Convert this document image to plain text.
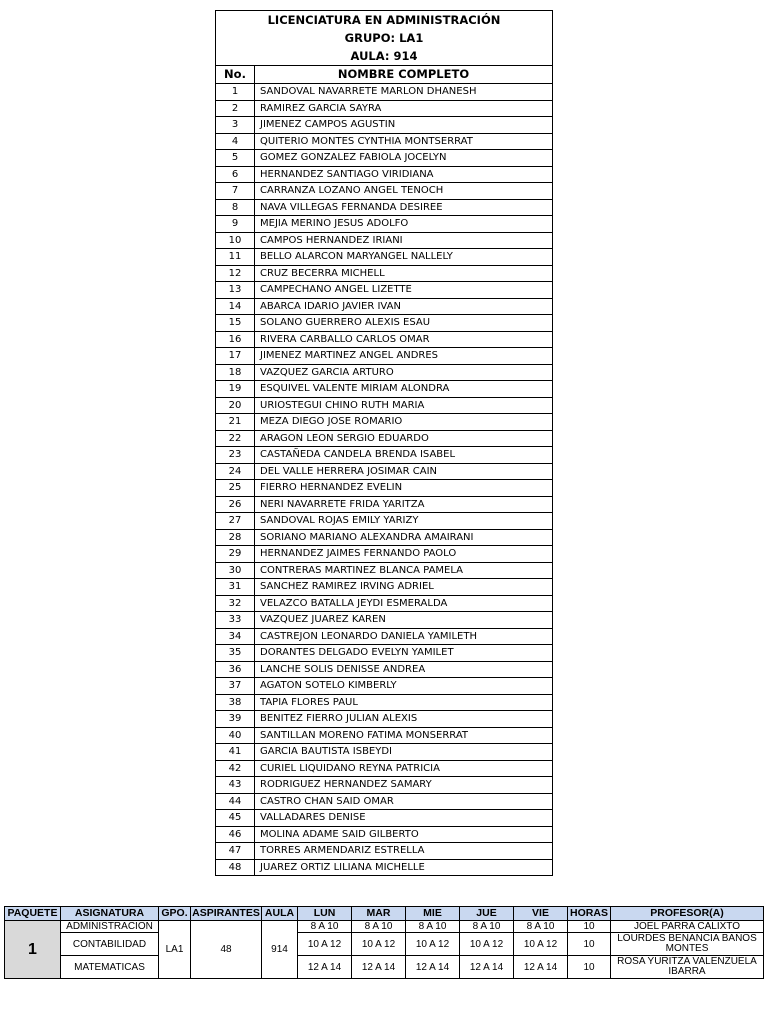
LICENCIATURA EN ADMINISTRACIÓN	
GRUPO: LA1	
AULA: 914	
No.	NOMBRE COMPLETO
1	SANDOVAL NAVARRETE MARLON DHANESH
2	RAMIREZ GARCIA SAYRA
3	JIMENEZ CAMPOS AGUSTIN
4	QUITERIO MONTES CYNTHIA MONTSERRAT
5	GOMEZ GONZALEZ FABIOLA JOCELYN
6	HERNANDEZ SANTIAGO VIRIDIANA
7	CARRANZA LOZANO ANGEL TENOCH
8	NAVA VILLEGAS FERNANDA DESIREE
9	MEJIA MERINO JESUS ADOLFO
10	CAMPOS HERNANDEZ IRIANI
11	BELLO ALARCON MARYANGEL NALLELY
12	CRUZ BECERRA MICHELL
13	CAMPECHANO ANGEL LIZETTE
14	ABARCA IDARIO JAVIER IVAN
15	SOLANO GUERRERO ALEXIS ESAU
16	RIVERA CARBALLO CARLOS OMAR
17	JIMENEZ MARTINEZ ANGEL ANDRES
18	VAZQUEZ GARCIA ARTURO
19	ESQUIVEL VALENTE MIRIAM ALONDRA
20	URIOSTEGUI CHINO RUTH MARIA
21	MEZA DIEGO JOSE ROMARIO
22	ARAGON LEON SERGIO EDUARDO
23	CASTAÑEDA CANDELA BRENDA ISABEL
24	DEL VALLE HERRERA JOSIMAR CAIN
25	FIERRO HERNANDEZ EVELIN
26	NERI NAVARRETE FRIDA YARITZA
27	SANDOVAL ROJAS EMILY YARIZY
28	SORIANO MARIANO ALEXANDRA AMAIRANI
29	HERNANDEZ JAIMES FERNANDO PAOLO
30	CONTRERAS MARTINEZ BLANCA PAMELA
31	SANCHEZ RAMIREZ IRVING ADRIEL
32	VELAZCO BATALLA JEYDI ESMERALDA
33	VAZQUEZ JUAREZ KAREN
34	CASTREJON LEONARDO DANIELA YAMILETH
35	DORANTES DELGADO EVELYN YAMILET
36	LANCHE SOLIS DENISSE ANDREA
37	AGATON SOTELO KIMBERLY
38	TAPIA FLORES PAUL
39	BENITEZ FIERRO JULIAN ALEXIS
40	SANTILLAN MORENO FATIMA MONSERRAT
41	GARCIA BAUTISTA ISBEYDI
42	CURIEL LIQUIDANO REYNA PATRICIA
43	RODRIGUEZ HERNANDEZ SAMARY
44	CASTRO CHAN SAID OMAR
45	VALLADARES DENISE
46	MOLINA ADAME SAID GILBERTO
47	TORRES ARMENDARIZ ESTRELLA
48	JUAREZ ORTIZ LILIANA MICHELLE
PAQUETE	ASIGNATURA	GPO.	ASPIRANTES	AULA	LUN	MAR	MIE	JUE	VIE	HORAS	PROFESOR(A)
1	ADMINISTRACION	LA1	48	914	8 A 10	8 A 10	8 A 10	8 A 10	8 A 10	10	JOEL PARRA CALIXTO
	CONTABILIDAD				10 A 12	10 A 12	10 A 12	10 A 12	10 A 12	10	LOURDES BENANCIA BAÑOS MONTES
	MATEMATICAS				12 A 14	12 A 14	12 A 14	12 A 14	12 A 14	10	ROSA YURITZA VALENZUELA IBARRA
